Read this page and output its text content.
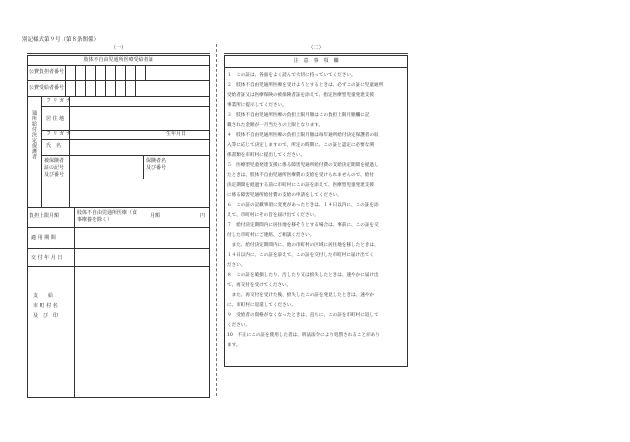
別記様式第９号（第８条関係）
（一）
肢体不自由児通所医療受給者証
公費負担者番号
公費受給者番号
通所給付決定保護者
フ リ ガ ナ
居 住 地
フ リ ガ ナ	生年月日
氏　名
被保険者証の記号及び番号
保険者名及び番号
負担上限月額	肢体不自由児通所医療（食事療養を除く）
月額	円
適 用 期 間
交 付 年 月 日
支　　給
市 町 村 名
及　び　印
（二）
注　意　事　項　欄
１　この証は、各面をよく読んで大切に持っていてください。
２　肢体不自由児通所医療を受けようとするときは、必ずこの証に児童通所
受給者証又は医療保険の被保険者証を添えて、指定医療型児童発達支援
事業所に提示してください。
３　肢体不自由児通所医療の負担上限月額はこの負担上限月額欄に記
載された金額が一月当たりの上限となります。
４　肢体不自由児通所医療の負担上限月額は毎年通所給付決定保護者の収
入等に応じて決定しますので、所定の時期に、この証と認定に必要な関
係書類を市町村に提出してください。
５　医療型児童発達支援に係る障害児通所給付費の支給決定期間を経過し
たときは、肢体不自由児通所医療費の支給を受けられませんので、給付
決定期間を経過する前に市町村にこの証を添えて、医療型児童発達支援
に係る障害児通所給付費の支給の申請をしてください。
６　この証の記載事項に変更があったときは、１４日以内に、この証を添
えて、市町村にその旨を届け出てください。
７　給付決定期間内に居住地を移そうとする場合は、事前に、この証を交
付した市町村にご連絡、ご相談ください。
　また、給付決定期間内に、他の市町村の区域に居住地を移したときは、
１４日以内に、この証を添えて、この証を交付した市町村に届け出てく
ださい。
８　この証を破損したり、汚したり又は紛失したときは、速やかに届け出
て、再交付を受けてください。
　また、再交付を受けた後、紛失したこの証を発見したときは、速やか
に、市町村に返還してください。
９　受給者の資格がなくなったときは、直ちに、この証を市町村に返して
ください。
10　不正にこの証を使用した者は、刑法法令により処罰されることがあり
ます。
